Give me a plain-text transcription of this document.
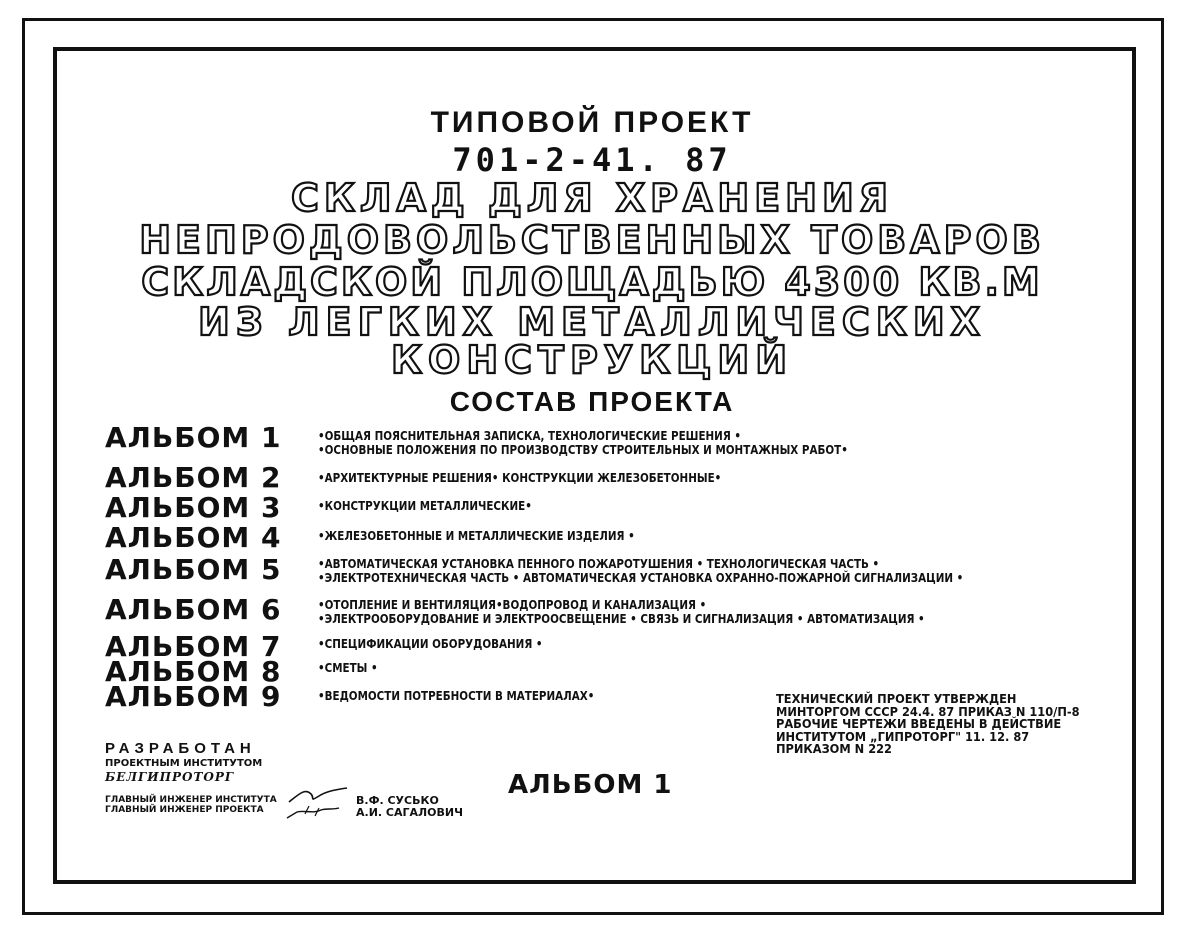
ТИПОВОЙ ПРОЕКТ
701-2-41. 87
СКЛАД ДЛЯ ХРАНЕНИЯ
НЕПРОДОВОЛЬСТВЕННЫХ ТОВАРОВ
СКЛАДСКОЙ ПЛОЩАДЬЮ 4300 КВ.М
ИЗ ЛЕГКИХ МЕТАЛЛИЧЕСКИХ
КОНСТРУКЦИЙ
СОСТАВ ПРОЕКТА
АЛЬБОМ 1	•ОБЩАЯ ПОЯСНИТЕЛЬНАЯ ЗАПИСКА, ТЕХНОЛОГИЧЕСКИЕ РЕШЕНИЯ •
•ОСНОВНЫЕ ПОЛОЖЕНИЯ ПО ПРОИЗВОДСТВУ СТРОИТЕЛЬНЫХ И МОНТАЖНЫХ РАБОТ•
АЛЬБОМ 2	•АРХИТЕКТУРНЫЕ РЕШЕНИЯ• КОНСТРУКЦИИ ЖЕЛЕЗОБЕТОННЫЕ•
АЛЬБОМ 3	•КОНСТРУКЦИИ МЕТАЛЛИЧЕСКИЕ•
АЛЬБОМ 4	•ЖЕЛЕЗОБЕТОННЫЕ И МЕТАЛЛИЧЕСКИЕ ИЗДЕЛИЯ •
АЛЬБОМ 5	•АВТОМАТИЧЕСКАЯ УСТАНОВКА ПЕННОГО ПОЖАРОТУШЕНИЯ • ТЕХНОЛОГИЧЕСКАЯ ЧАСТЬ •
•ЭЛЕКТРОТЕХНИЧЕСКАЯ ЧАСТЬ • АВТОМАТИЧЕСКАЯ УСТАНОВКА ОХРАННО-ПОЖАРНОЙ СИГНАЛИЗАЦИИ •
АЛЬБОМ 6	•ОТОПЛЕНИЕ И ВЕНТИЛЯЦИЯ•ВОДОПРОВОД И КАНАЛИЗАЦИЯ •
•ЭЛЕКТРООБОРУДОВАНИЕ И ЭЛЕКТРООСВЕЩЕНИЕ • СВЯЗЬ И СИГНАЛИЗАЦИЯ • АВТОМАТИЗАЦИЯ •
АЛЬБОМ 7	•СПЕЦИФИКАЦИИ ОБОРУДОВАНИЯ •
АЛЬБОМ 8	•СМЕТЫ •
АЛЬБОМ 9	•ВЕДОМОСТИ ПОТРЕБНОСТИ В МАТЕРИАЛАХ•	ТЕХНИЧЕСКИЙ ПРОЕКТ УТВЕРЖДЕН
МИНТОРГОМ СССР 24.4. 87 ПРИКАЗ N 110/П-8
РАБОЧИЕ ЧЕРТЕЖИ ВВЕДЕНЫ В ДЕЙСТВИЕ
ИНСТИТУТОМ „ГИПРОТОРГ" 11. 12. 87
ПРИКАЗОМ N 222
РАЗРАБОТАН
ПРОЕКТНЫМ ИНСТИТУТОМ
БЕЛГИПРОТОРГ
ГЛАВНЫЙ ИНЖЕНЕР ИНСТИТУТА
ГЛАВНЫЙ ИНЖЕНЕР ПРОЕКТА
В.Ф. СУСЬКО
А.И. САГАЛОВИЧ
АЛЬБОМ 1
